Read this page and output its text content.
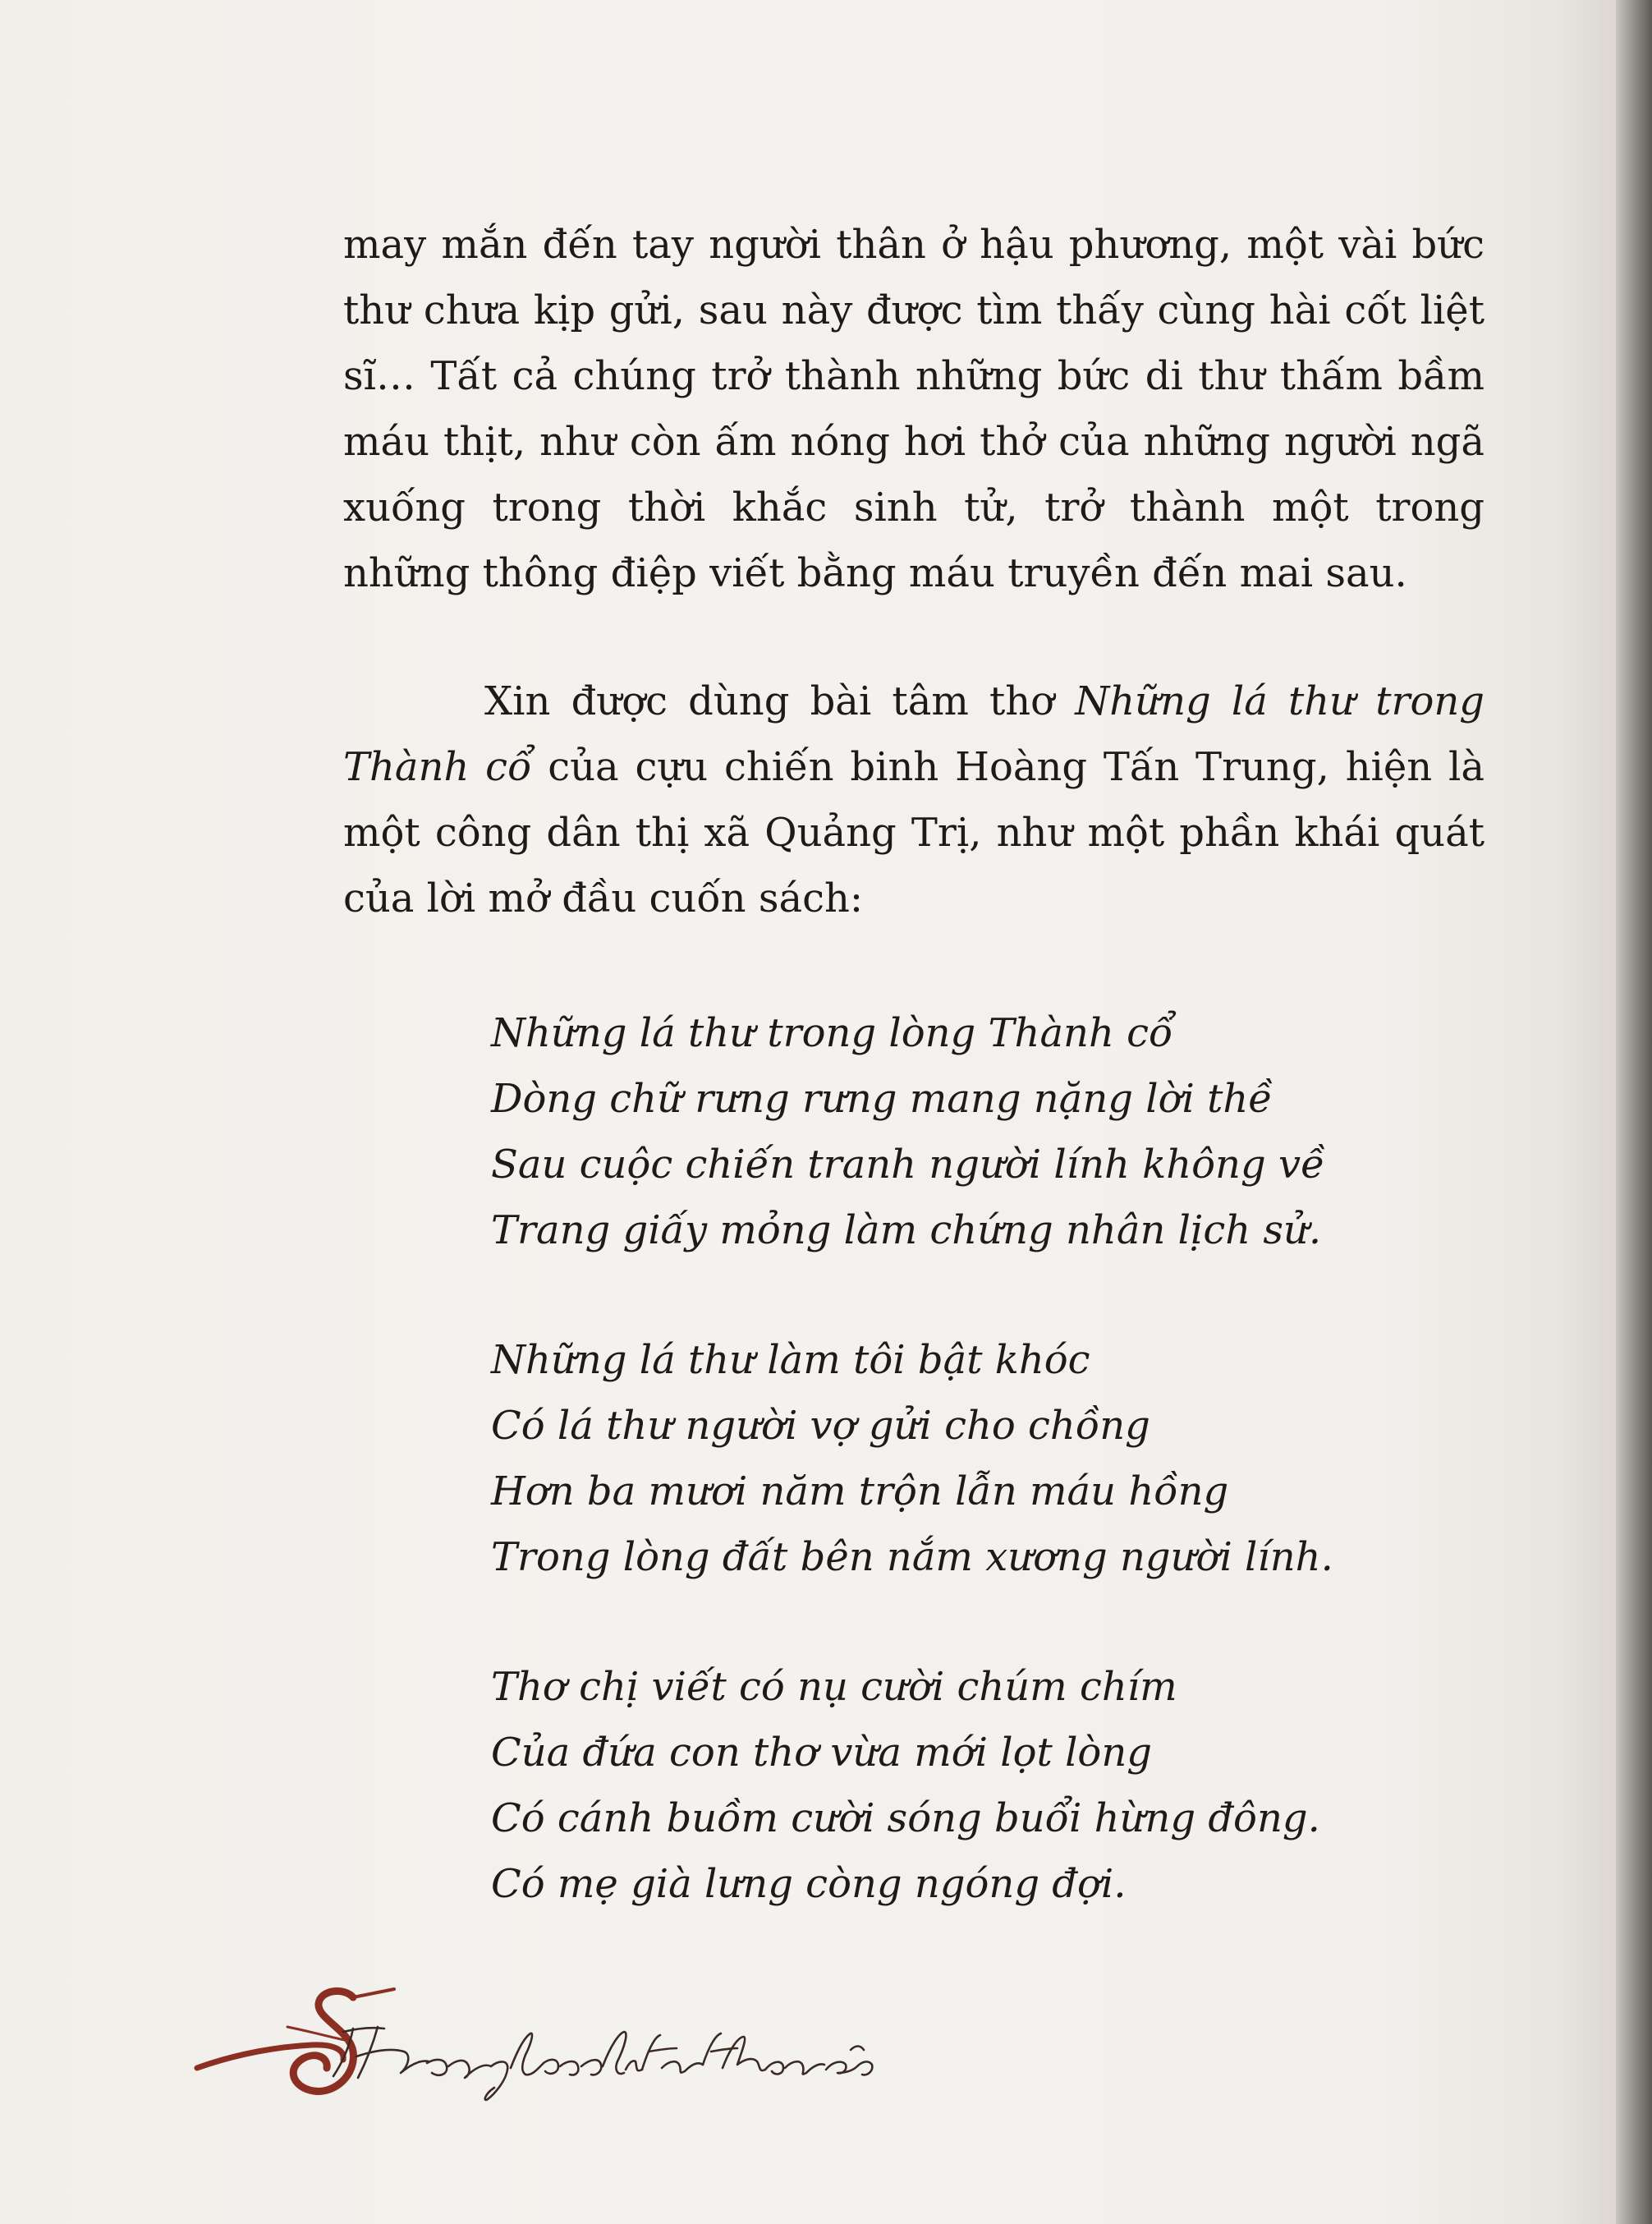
may mắn đến tay người thân ở hậu phương, một vài bức thư chưa kịp gửi, sau này được tìm thấy cùng hài cốt liệt sĩ… Tất cả chúng trở thành những bức di thư thấm bầm máu thịt, như còn ấm nóng hơi thở của những người ngã xuống trong thời khắc sinh tử, trở thành một trong những thông điệp viết bằng máu truyền đến mai sau.

Xin được dùng bài tâm thơ Những lá thư trong Thành cổ của cựu chiến binh Hoàng Tấn Trung, hiện là một công dân thị xã Quảng Trị, như một phần khái quát của lời mở đầu cuốn sách:

Những lá thư trong lòng Thành cổ
Dòng chữ rưng rưng mang nặng lời thề
Sau cuộc chiến tranh người lính không về
Trang giấy mỏng làm chứng nhân lịch sử.
Những lá thư làm tôi bật khóc
Có lá thư người vợ gửi cho chồng
Hơn ba mươi năm trộn lẫn máu hồng
Trong lòng đất bên nắm xương người lính.
Thơ chị viết có nụ cười chúm chím
Của đứa con thơ vừa mới lọt lòng
Có cánh buồm cười sóng buổi hừng đông.
Có mẹ già lưng còng ngóng đợi.
8
